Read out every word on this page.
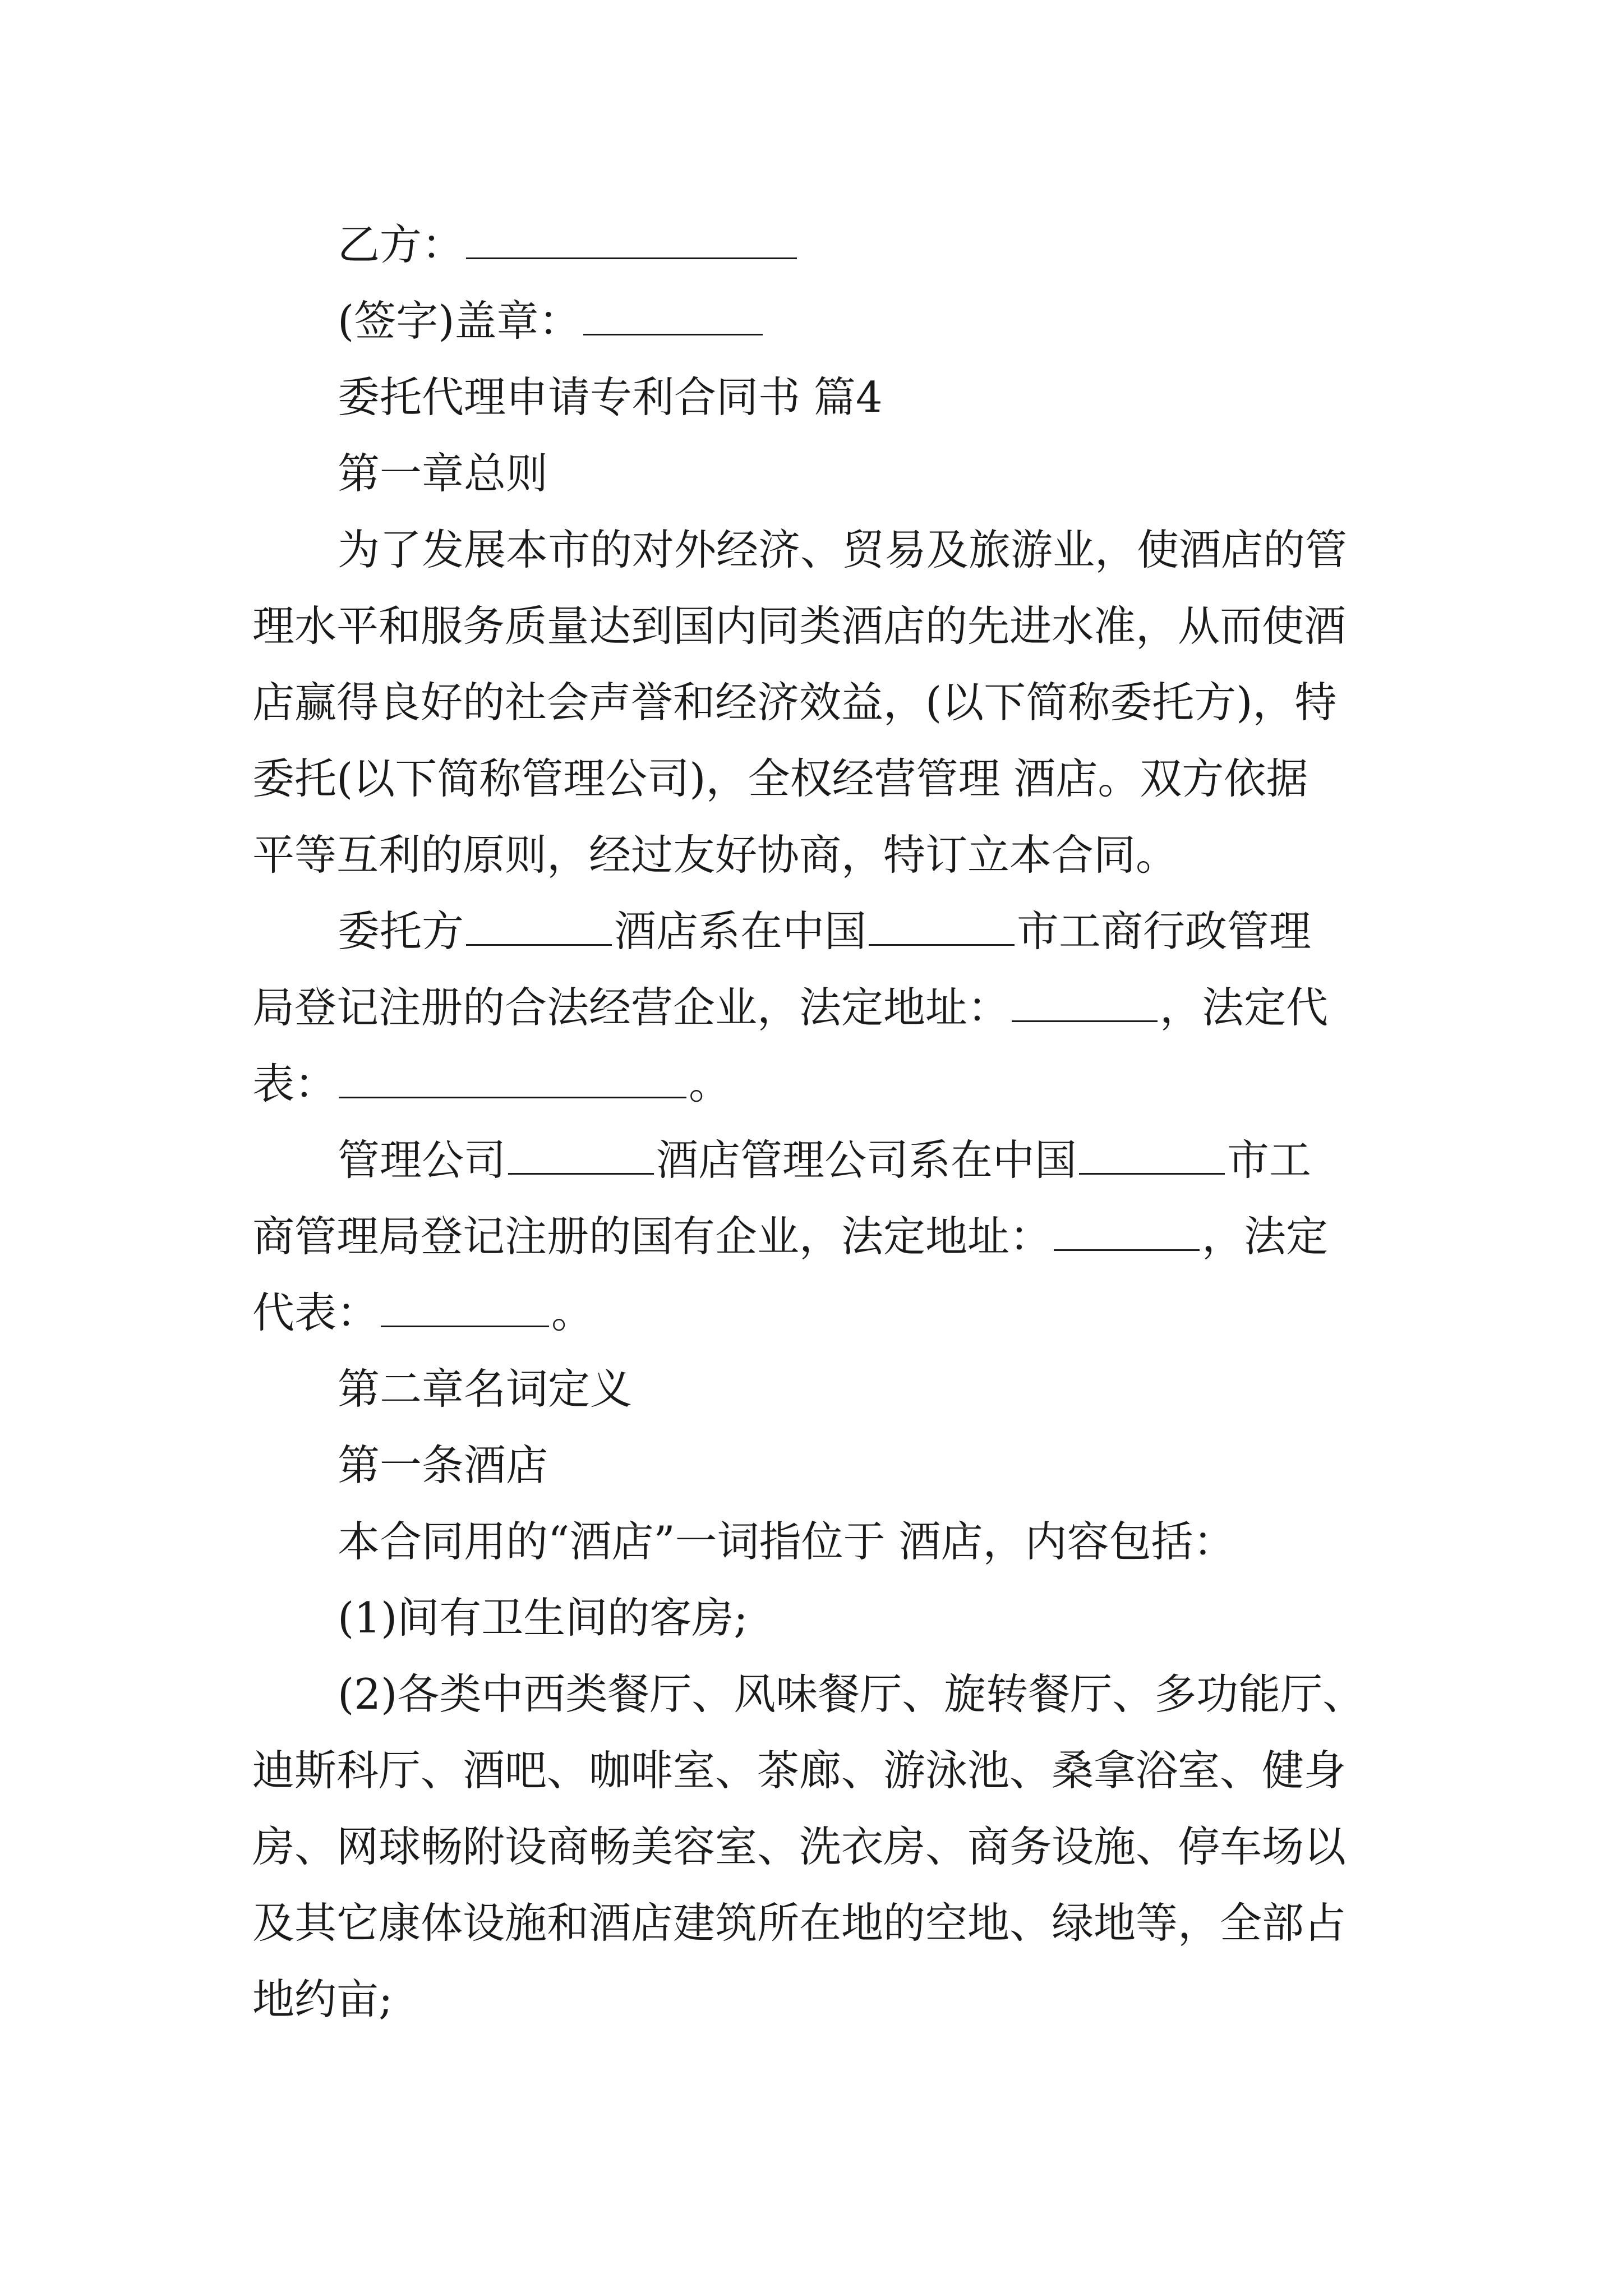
乙方：
(签字)盖章：
委托代理申请专利合同书 篇4
第一章总则
为了发展本市的对外经济、贸易及旅游业，使酒店的管
理水平和服务质量达到国内同类酒店的先进水准，从而使酒
店赢得良好的社会声誉和经济效益，(以下简称委托方)，特
委托(以下简称管理公司)，全权经营管理 酒店。双方依据
平等互利的原则，经过友好协商，特订立本合同。
委托方	酒店系在中国	市工商行政管理
局登记注册的合法经营企业，法定地址：	，法定代
表：	。
管理公司	酒店管理公司系在中国	市工
商管理局登记注册的国有企业，法定地址：	，法定
代表：	。
第二章名词定义
第一条酒店
本合同用的“酒店”一词指位于 酒店，内容包括：
(1)间有卫生间的客房;
(2)各类中西类餐厅、风味餐厅、旋转餐厅、多功能厅、
迪斯科厅、酒吧、咖啡室、茶廊、游泳池、桑拿浴室、健身
房、网球畅附设商畅美容室、洗衣房、商务设施、停车场以
及其它康体设施和酒店建筑所在地的空地、绿地等，全部占
地约亩;
